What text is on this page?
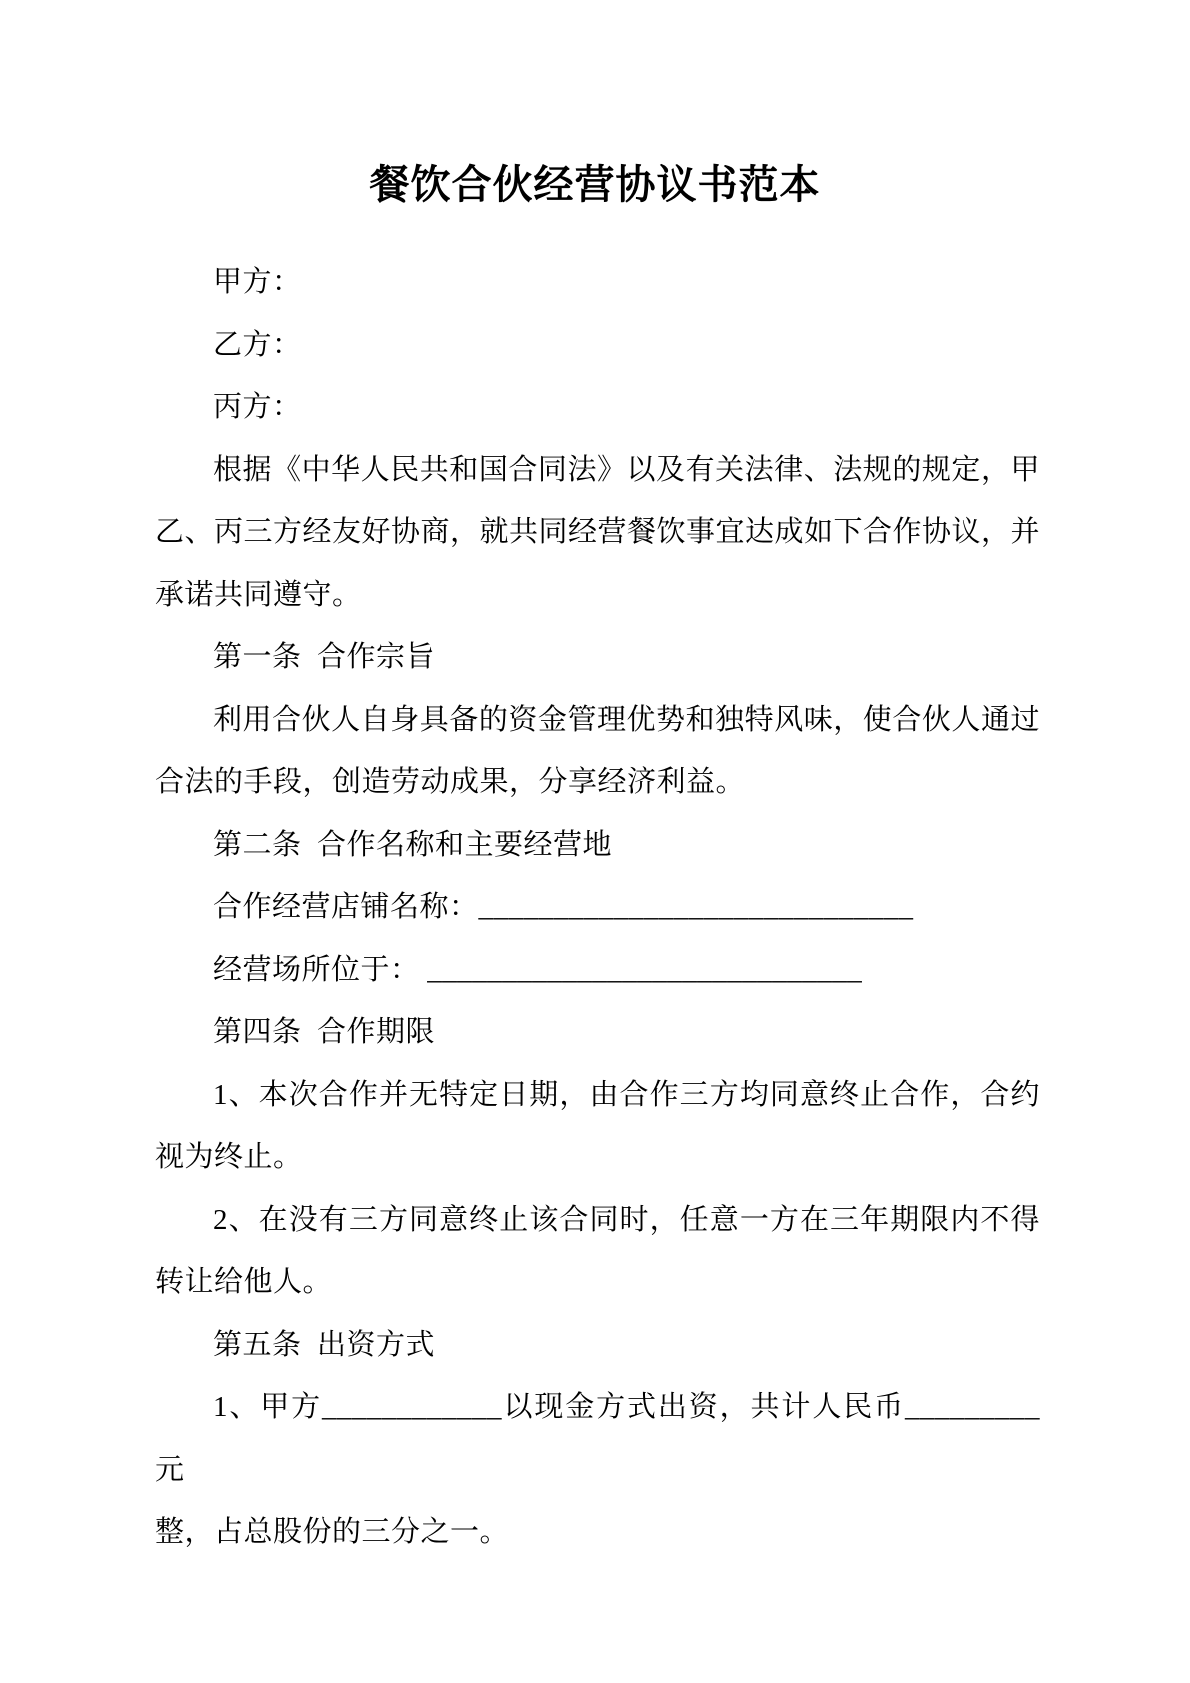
餐饮合伙经营协议书范本
甲方：
乙方：
丙方：
根据《中华人民共和国合同法》以及有关法律、法规的规定，甲
乙、丙三方经友好协商，就共同经营餐饮事宜达成如下合作协议，并
承诺共同遵守。
第一条  合作宗旨
利用合伙人自身具备的资金管理优势和独特风味，使合伙人通过
合法的手段，创造劳动成果，分享经济利益。
第二条  合作名称和主要经营地
合作经营店铺名称：_____________________________
经营场所位于： _____________________________
第四条  合作期限
1、本次合作并无特定日期，由合作三方均同意终止合作，合约
视为终止。
2、在没有三方同意终止该合同时，任意一方在三年期限内不得
转让给他人。
第五条  出资方式
1、甲方____________以现金方式出资，共计人民币_________元
整，占总股份的三分之一。
